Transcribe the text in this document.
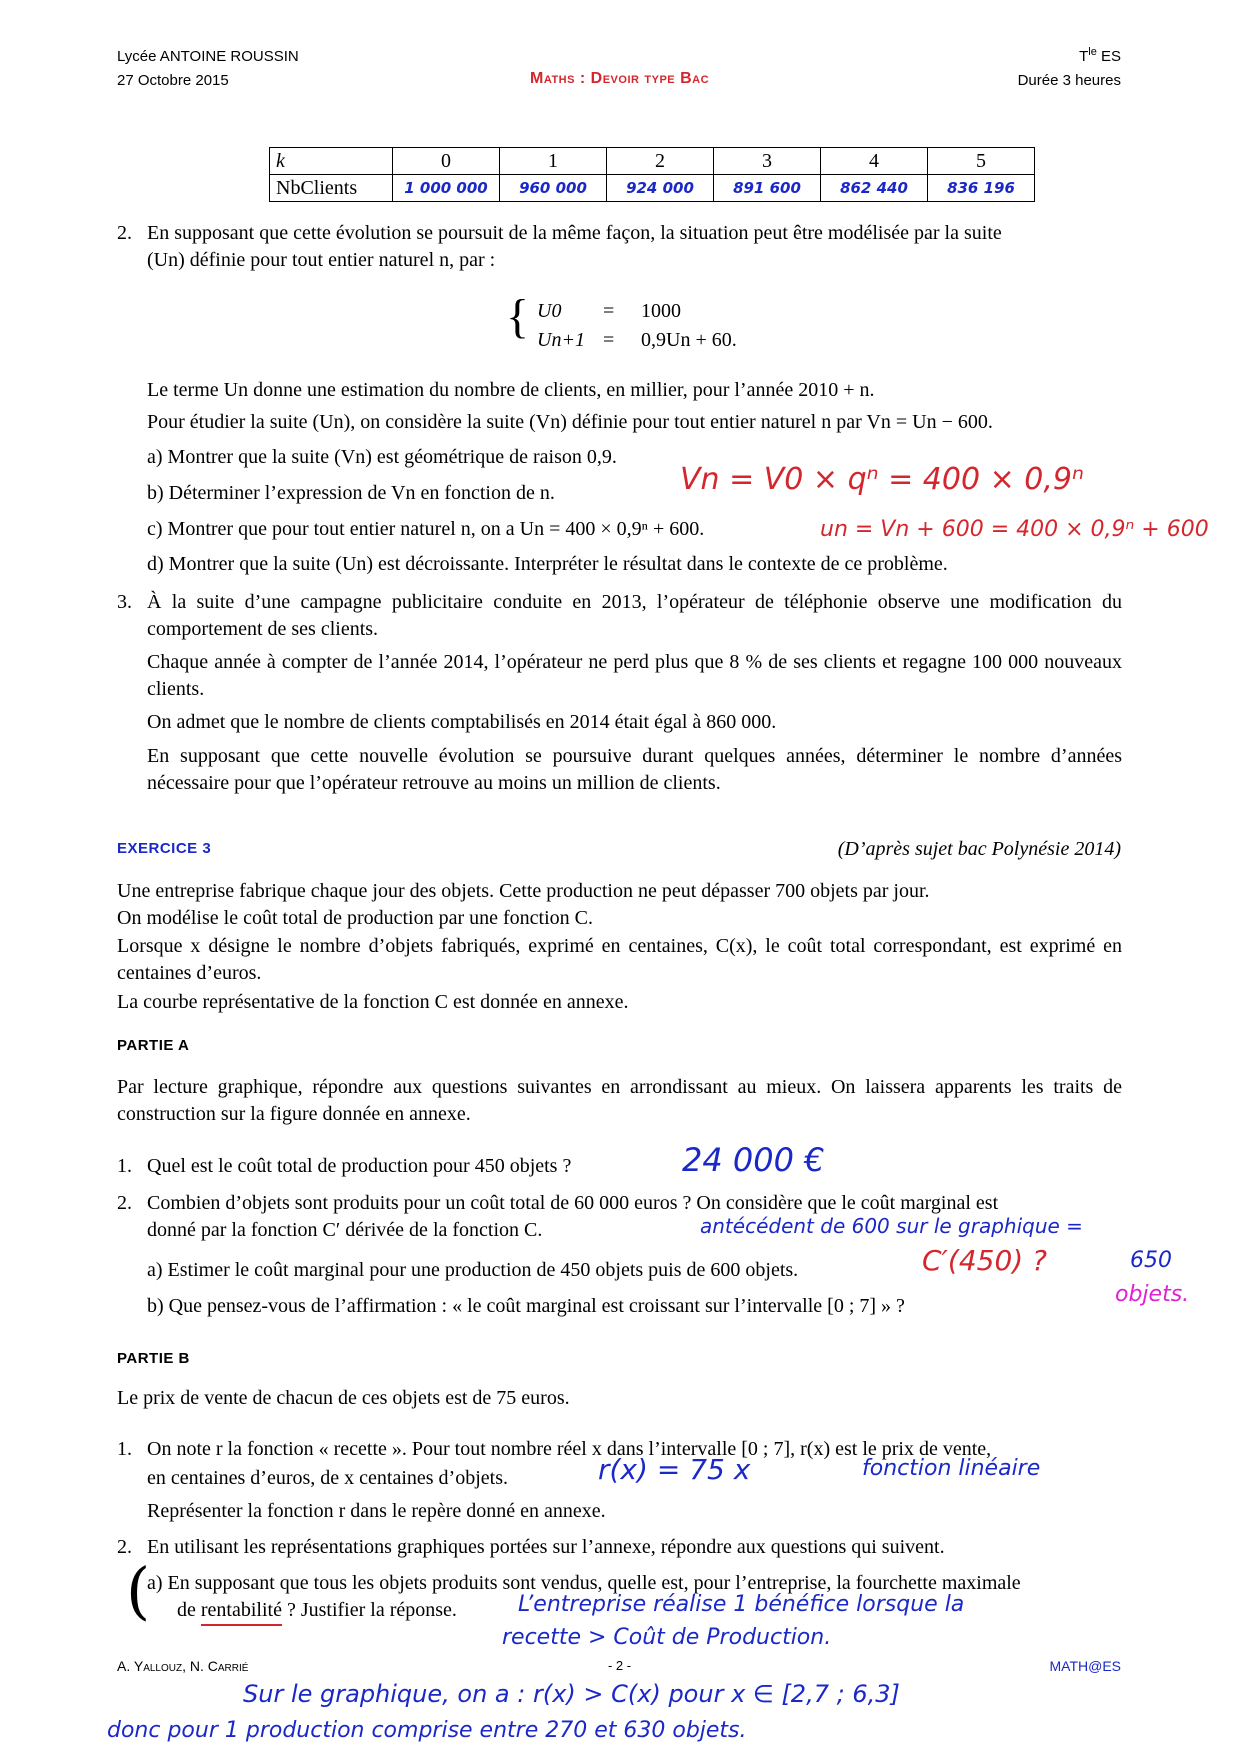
Lycée ANTOINE ROUSSIN
27 Octobre 2015	Maths : Devoir type Bac
$T^{le}$ ES
Durée 3 heures
k	0	1	2	3	4	5
NbClients	1 000 000	960 000	924 000	891 600	862 440	836 196
2. En supposant que cette évolution se poursuit de la même façon, la situation peut être modélisée par la suite
(Un) définie pour tout entier naturel n, par :
{ U0 = 1000
Un+1 = 0,9Un + 60.
Le terme Un donne une estimation du nombre de clients, en millier, pour l’année 2010 + n.
Pour étudier la suite (Un), on considère la suite (Vn) définie pour tout entier naturel n par Vn = Un − 600.
a) Montrer que la suite (Vn) est géométrique de raison 0,9.
b) Déterminer l’expression de Vn en fonction de n.
c) Montrer que pour tout entier naturel n, on a Un = 400 × 0,9ⁿ + 600.
d) Montrer que la suite (Un) est décroissante. Interpréter le résultat dans le contexte de ce problème.
Vn = V0 × qⁿ = 400 × 0,9ⁿ
un = Vn + 600 = 400 × 0,9ⁿ + 600
3. À la suite d’une campagne publicitaire conduite en 2013, l’opérateur de téléphonie observe une modification du comportement de ses clients.
Chaque année à compter de l’année 2014, l’opérateur ne perd plus que 8 % de ses clients et regagne 100 000 nouveaux clients.
On admet que le nombre de clients comptabilisés en 2014 était égal à 860 000.
En supposant que cette nouvelle évolution se poursuive durant quelques années, déterminer le nombre d’années nécessaire pour que l’opérateur retrouve au moins un million de clients.
EXERCICE 3	(D’après sujet bac Polynésie 2014)
Une entreprise fabrique chaque jour des objets. Cette production ne peut dépasser 700 objets par jour.
On modélise le coût total de production par une fonction C.
Lorsque x désigne le nombre d’objets fabriqués, exprimé en centaines, C(x), le coût total correspondant, est exprimé en centaines d’euros.
La courbe représentative de la fonction C est donnée en annexe.
PARTIE A
Par lecture graphique, répondre aux questions suivantes en arrondissant au mieux. On laissera apparents les traits de construction sur la figure donnée en annexe.
1. Quel est le coût total de production pour 450 objets ?	24 000 €
2. Combien d’objets sont produits pour un coût total de 60 000 euros ? On considère que le coût marginal est
donné par la fonction C′ dérivée de la fonction C.	antécédent de 600 sur le graphique =
650
objets.
a) Estimer le coût marginal pour une production de 450 objets puis de 600 objets.	C′(450) ?
b) Que pensez-vous de l’affirmation : « le coût marginal est croissant sur l’intervalle [0 ; 7] » ?
PARTIE B
Le prix de vente de chacun de ces objets est de 75 euros.
1. On note r la fonction « recette ». Pour tout nombre réel x dans l’intervalle [0 ; 7], r(x) est le prix de vente,
en centaines d’euros, de x centaines d’objets.	r(x) = 75 x	fonction linéaire
Représenter la fonction r dans le repère donné en annexe.
2. En utilisant les représentations graphiques portées sur l’annexe, répondre aux questions qui suivent.
(
a) En supposant que tous les objets produits sont vendus, quelle est, pour l’entreprise, la fourchette maximale
de rentabilité ? Justifier la réponse.	L’entreprise réalise 1 bénéfice lorsque la
recette > Coût de Production.
A. Yallouz, N. Carrié	- 2 -	MATH@ES
Sur le graphique, on a : r(x) > C(x) pour x ∈ [2,7 ; 6,3]
donc pour 1 production comprise entre 270 et 630 objets.
